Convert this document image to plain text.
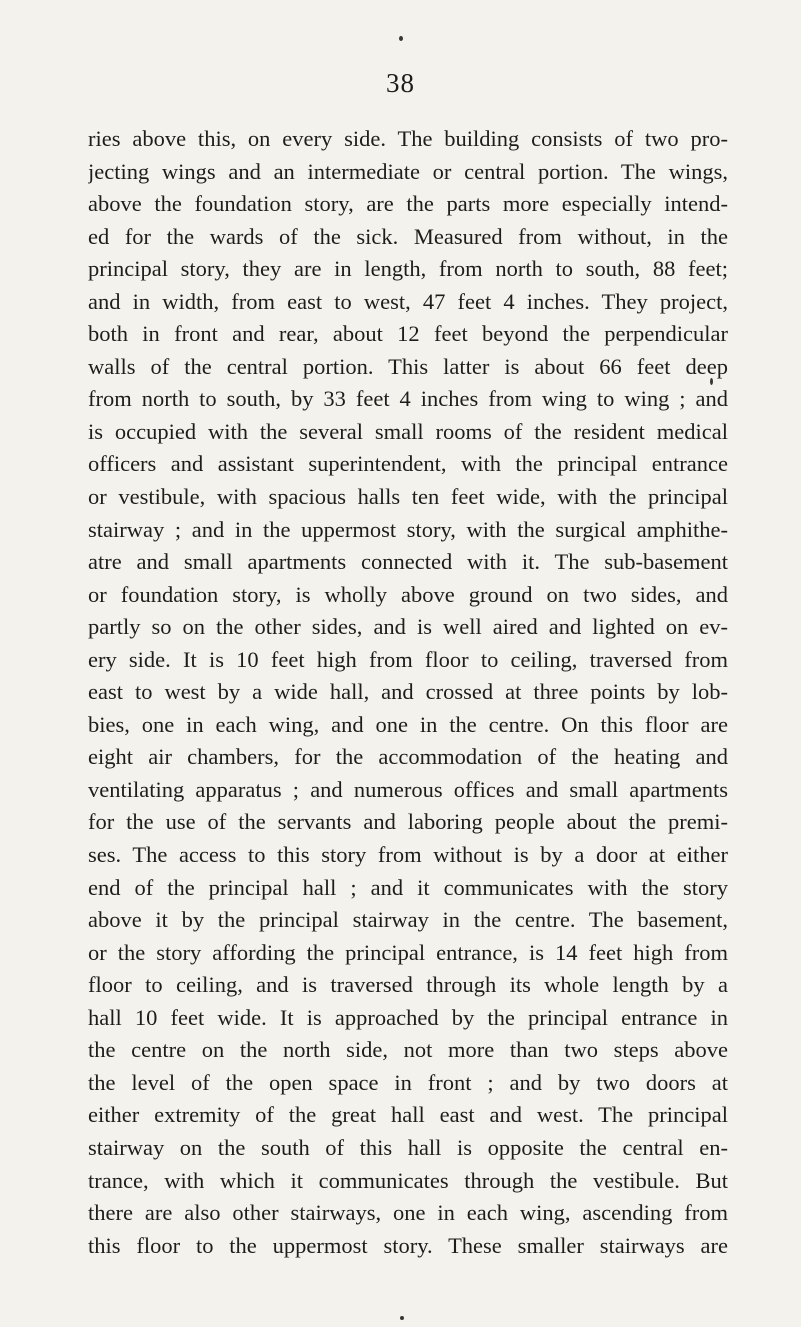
38
ries above this, on every side. The building consists of two pro-
jecting wings and an intermediate or central portion. The wings,
above the foundation story, are the parts more especially intend-
ed for the wards of the sick. Measured from without, in the
principal story, they are in length, from north to south, 88 feet;
and in width, from east to west, 47 feet 4 inches. They project,
both in front and rear, about 12 feet beyond the perpendicular
walls of the central portion. This latter is about 66 feet deep
from north to south, by 33 feet 4 inches from wing to wing ; and
is occupied with the several small rooms of the resident medical
officers and assistant superintendent, with the principal entrance
or vestibule, with spacious halls ten feet wide, with the principal
stairway ; and in the uppermost story, with the surgical amphithe-
atre and small apartments connected with it. The sub-basement
or foundation story, is wholly above ground on two sides, and
partly so on the other sides, and is well aired and lighted on ev-
ery side. It is 10 feet high from floor to ceiling, traversed from
east to west by a wide hall, and crossed at three points by lob-
bies, one in each wing, and one in the centre. On this floor are
eight air chambers, for the accommodation of the heating and
ventilating apparatus ; and numerous offices and small apartments
for the use of the servants and laboring people about the premi-
ses. The access to this story from without is by a door at either
end of the principal hall ; and it communicates with the story
above it by the principal stairway in the centre. The basement,
or the story affording the principal entrance, is 14 feet high from
floor to ceiling, and is traversed through its whole length by a
hall 10 feet wide. It is approached by the principal entrance in
the centre on the north side, not more than two steps above
the level of the open space in front ; and by two doors at
either extremity of the great hall east and west. The principal
stairway on the south of this hall is opposite the central en-
trance, with which it communicates through the vestibule. But
there are also other stairways, one in each wing, ascending from
this floor to the uppermost story. These smaller stairways are
